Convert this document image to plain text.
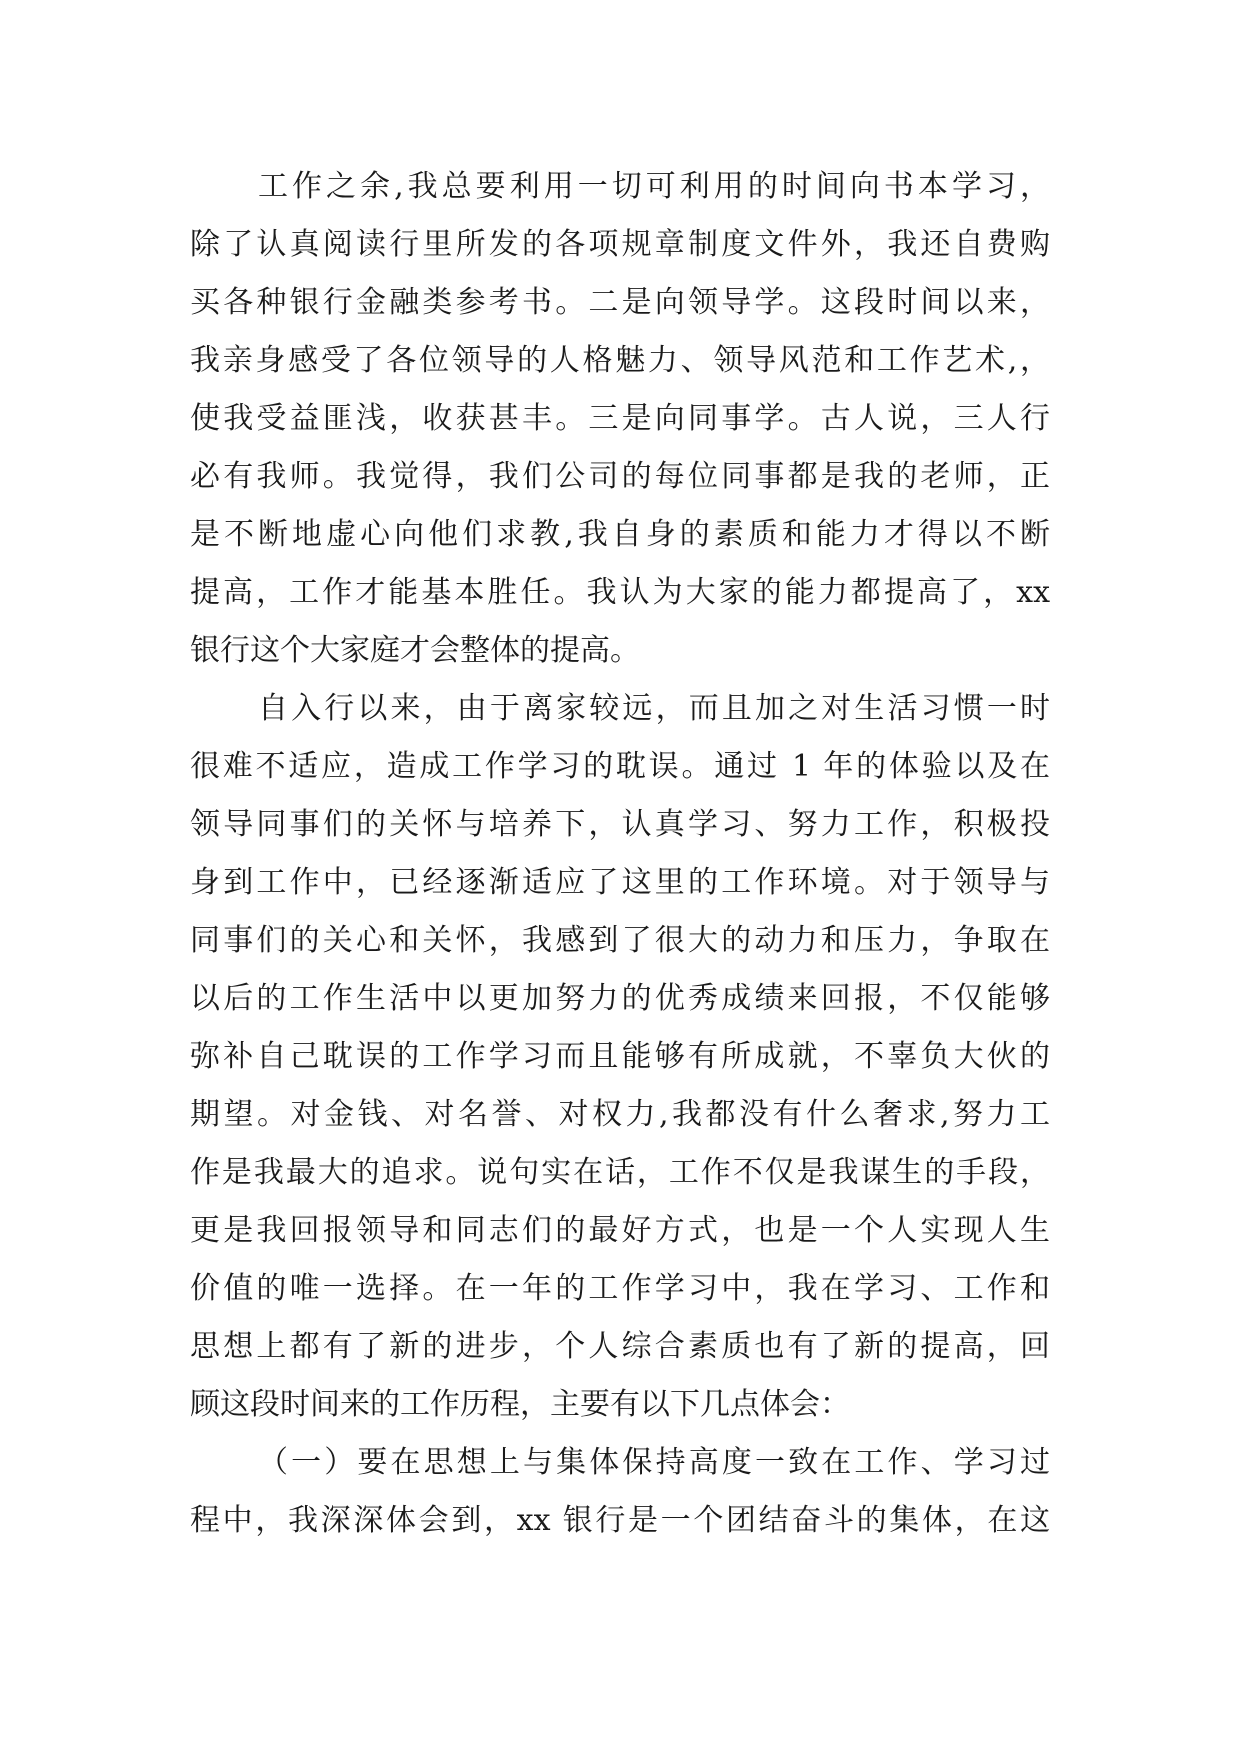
工作之余,我总要利用一切可利用的时间向书本学习，
除了认真阅读行里所发的各项规章制度文件外，我还自费购
买各种银行金融类参考书。二是向领导学。这段时间以来，
我亲身感受了各位领导的人格魅力、领导风范和工作艺术,，
使我受益匪浅，收获甚丰。三是向同事学。古人说，三人行
必有我师。我觉得，我们公司的每位同事都是我的老师，正
是不断地虚心向他们求教,我自身的素质和能力才得以不断
提高，工作才能基本胜任。我认为大家的能力都提高了，xx
银行这个大家庭才会整体的提高。
自入行以来，由于离家较远，而且加之对生活习惯一时
很难不适应，造成工作学习的耽误。通过 1 年的体验以及在
领导同事们的关怀与培养下，认真学习、努力工作，积极投
身到工作中，已经逐渐适应了这里的工作环境。对于领导与
同事们的关心和关怀，我感到了很大的动力和压力，争取在
以后的工作生活中以更加努力的优秀成绩来回报，不仅能够
弥补自己耽误的工作学习而且能够有所成就，不辜负大伙的
期望。对金钱、对名誉、对权力,我都没有什么奢求,努力工
作是我最大的追求。说句实在话，工作不仅是我谋生的手段，
更是我回报领导和同志们的最好方式，也是一个人实现人生
价值的唯一选择。在一年的工作学习中，我在学习、工作和
思想上都有了新的进步，个人综合素质也有了新的提高，回
顾这段时间来的工作历程，主要有以下几点体会：
（一）要在思想上与集体保持高度一致在工作、学习过
程中，我深深体会到，xx 银行是一个团结奋斗的集体，在这
